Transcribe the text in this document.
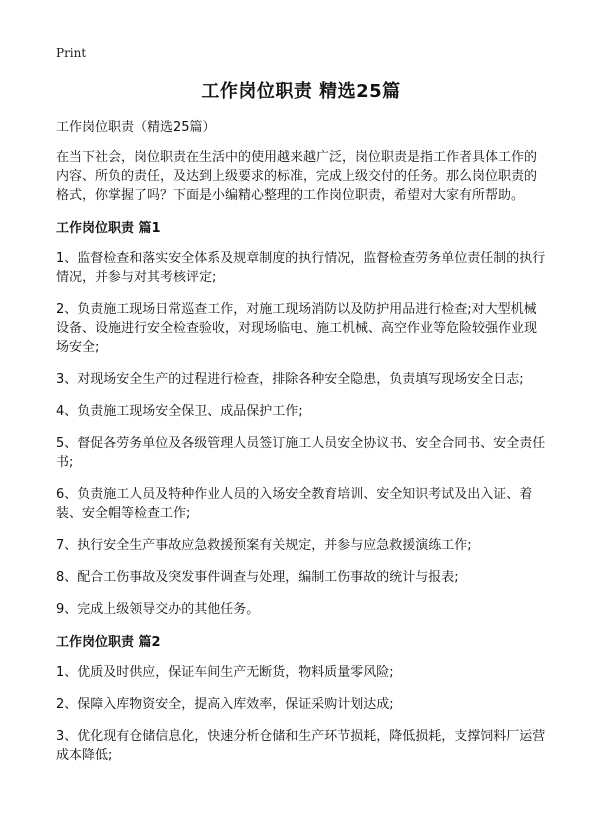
Print
工作岗位职责 精选25篇
工作岗位职责（精选25篇）
在当下社会，岗位职责在生活中的使用越来越广泛，岗位职责是指工作者具体工作的内容、所负的责任，及达到上级要求的标准，完成上级交付的任务。那么岗位职责的格式，你掌握了吗？下面是小编精心整理的工作岗位职责，希望对大家有所帮助。
工作岗位职责 篇1
1、监督检查和落实安全体系及规章制度的执行情况，监督检查劳务单位责任制的执行情况，并参与对其考核评定;
2、负责施工现场日常巡查工作，对施工现场消防以及防护用品进行检查;对大型机械设备、设施进行安全检查验收，对现场临电、施工机械、高空作业等危险较强作业现场安全;
3、对现场安全生产的过程进行检查，排除各种安全隐患，负责填写现场安全日志;
4、负责施工现场安全保卫、成品保护工作;
5、督促各劳务单位及各级管理人员签订施工人员安全协议书、安全合同书、安全责任书;
6、负责施工人员及特种作业人员的入场安全教育培训、安全知识考试及出入证、着装、安全帽等检查工作;
7、执行安全生产事故应急救援预案有关规定，并参与应急救援演练工作;
8、配合工伤事故及突发事件调查与处理，编制工伤事故的统计与报表;
9、完成上级领导交办的其他任务。
工作岗位职责 篇2
1、优质及时供应，保证车间生产无断货，物料质量零风险;
2、保障入库物资安全，提高入库效率，保证采购计划达成;
3、优化现有仓储信息化，快速分析仓储和生产环节损耗，降低损耗，支撑饲料厂运营成本降低;
